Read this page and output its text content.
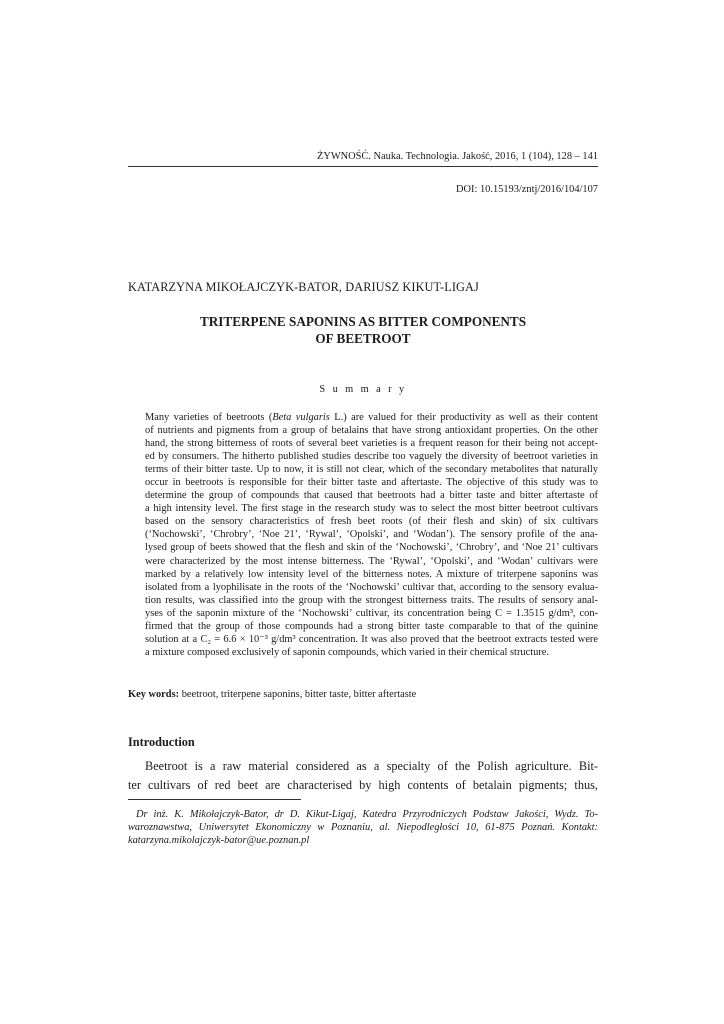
ŻYWNOŚĆ. Nauka. Technologia. Jakość, 2016, 1 (104), 128 – 141
DOI: 10.15193/zntj/2016/104/107
KATARZYNA MIKOŁAJCZYK-BATOR, DARIUSZ KIKUT-LIGAJ
TRITERPENE SAPONINS AS BITTER COMPONENTS
OF BEETROOT
S u m m a r y

Many varieties of beetroots (Beta vulgaris L.) are valued for their productivity as well as their content
of nutrients and pigments from a group of betalains that have strong antioxidant properties. On the other
hand, the strong bitterness of roots of several beet varieties is a frequent reason for their being not accept-
ed by consumers. The hitherto published studies describe too vaguely the diversity of beetroot varieties in
terms of their bitter taste. Up to now, it is still not clear, which of the secondary metabolites that naturally
occur in beetroots is responsible for their bitter taste and aftertaste. The objective of this study was to
determine the group of compounds that caused that beetroots had a bitter taste and bitter aftertaste of
a high intensity level. The first stage in the research study was to select the most bitter beetroot cultivars
based on the sensory characteristics of fresh beet roots (of their flesh and skin) of six cultivars
(‘Nochowski’, ‘Chrobry’, ‘Noe 21’, ‘Rywal’, ‘Opolski’, and ‘Wodan’). The sensory profile of the ana-
lysed group of beets showed that the flesh and skin of the ‘Nochowski’, ‘Chrobry’, and ‘Noe 21’ cultivars
were characterized by the most intense bitterness. The ‘Rywal’, ‘Opolski’, and ‘Wodan’ cultivars were
marked by a relatively low intensity level of the bitterness notes. A mixture of triterpene saponins was
isolated from a lyophilisate in the roots of the ‘Nochowski’ cultivar that, according to the sensory evalua-
tion results, was classified into the group with the strongest bitterness traits. The results of sensory anal-
yses of the saponin mixture of the ‘Nochowski’ cultivar, its concentration being C = 1.3515 g/dm³, con-
firmed that the group of those compounds had a strong bitter taste comparable to that of the quinine
solution at a C₂ = 6.6 × 10⁻³ g/dm³ concentration. It was also proved that the beetroot extracts tested were
a mixture composed exclusively of saponin compounds, which varied in their chemical structure.

Key words: beetroot, triterpene saponins, bitter taste, bitter aftertaste
Introduction
Beetroot is a raw material considered as a specialty of the Polish agriculture. Bit-
ter cultivars of red beet are characterised by high contents of betalain pigments; thus,

Dr inż. K. Mikołajczyk-Bator, dr D. Kikut-Ligaj, Katedra Przyrodniczych Podstaw Jakości, Wydz. To-
waroznawstwa, Uniwersytet Ekonomiczny w Poznaniu, al. Niepodległości 10, 61-875 Poznań. Kontakt:
katarzyna.mikolajczyk-bator@ue.poznan.pl
